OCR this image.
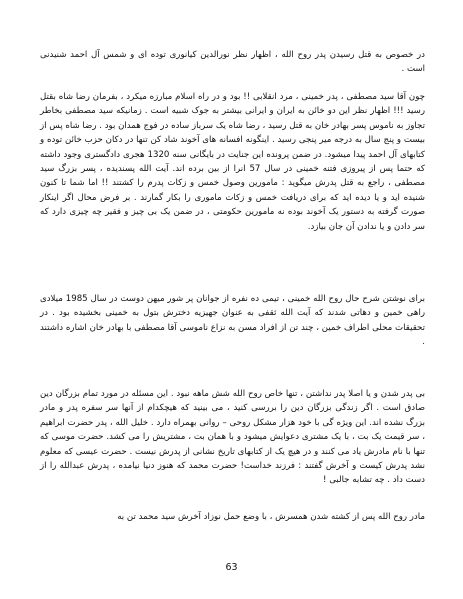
در خصوص به قتل رسیدن پدر روح الله ، اظهار نظر نورالدین کیانوری توده ای و شمس آل احمد شنیدنی است .

چون آقا سید مصطفی ، پدر خمینی ، مرد انقلابی !! بود و در راه اسلام مبارزه میکرد ، بفرمان رضا شاه بقتل رسید !!! اظهار نظر این دو خائن به ایران و ایرانی بیشتر به جوک شبیه است . زمانیکه سید مصطفی بخاطر تجاوز به ناموس پسر بهادر خان به قتل رسید ، رضا شاه یک سرباز ساده در فوج همدان بود . رضا شاه پس از بیست و پنج سال به درجه میر پنجی رسید . اینگونه افسانه های آخوند شاد کن تنها در دکان حزب خائن توده و کتابهای آل احمد پیدا میشود. در ضمن پرونده این جنایت در بایگانی سنه 1320 هجری دادگستری وجود داشته که حتما پس از پیروزی فتنه خمینی در سال 57 انرا از بین برده اند. آیت الله پسندیده ، پسر بزرگ سید مصطفی ، راجع به قتل پدرش میگوید : مامورین وصول خمس و زکات پدرم را کشتند !! اما شما تا کنون شنیده اید و یا دیده اید که برای دریافت خمس و زکات ماموری را بکار گمارند . بر فرض محال اگر اینکار صورت گرفته به دستور یک آخوند بوده نه مامورین حکومتی ، در ضمن یک بی چیز و فقیر چه چیزی دارد که سر دادن و یا ندادن آن جان بیازد.

برای نوشتن شرح حال روح الله خمینی ، تیمی ده نفره از جوانان پر شور میهن دوست در سال 1985 میلادی راهی خمین و دهاتی شدند که آیت الله ثقفی به عنوان جهیزیه دخترش بتول به خمینی بخشیده بود . در تحقیقات محلی اطراف خمین ، چند تن از افراد مسن به نزاع ناموسی آقا مصطفی با بهادر خان اشاره داشتند .

بی پدر شدن و یا اصلا پدر نداشتن ، تنها خاص روح الله شش ماهه نبود . این مسئله در مورد تمام بزرگان دین صادق است . اگر زندگی بزرگان دین را بررسی کنید ، می بینید که هیچکدام از آنها سر سفره پدر و مادر بزرگ نشده اند. این ویژه گی با خود هزار مشکل روحی – روانی بهمراه دارد . خلیل الله ، پدر حضرت ابراهیم ، سر قیمت یک بت ، با یک مشتری دعوایش میشود و با همان بت ، مشتریش را می کشد. حضرت موسی که تنها با نام مادرش یاد می کنند و در هیچ یک از کتابهای تاریخ نشانی از پدرش نیست . حضرت عیسی که معلوم نشد پدرش کیست و آخرش گفتند : فرزند خداست! حضرت محمد که هنوز دنیا نیامده ، پدرش عبدالله را از دست داد . چه تشابه جالبی !

مادر روح الله پس از کشته شدن همسرش ، با وضع حمل نوزاد آخرش سید محمد تن به

63
